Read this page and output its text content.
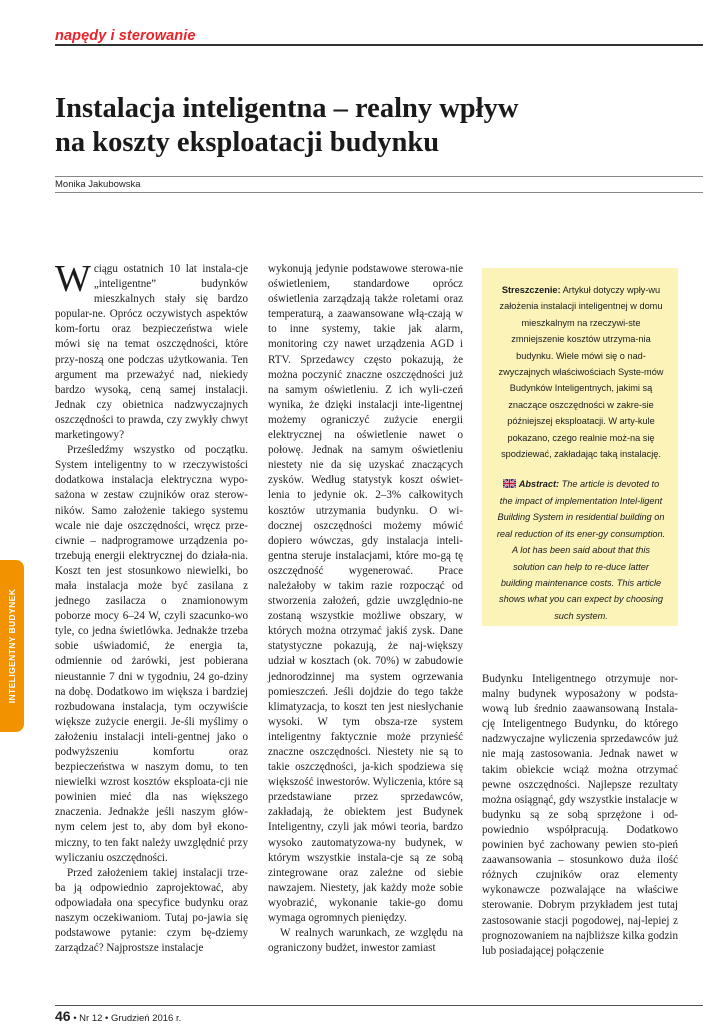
napędy i sterowanie
Instalacja inteligentna – realny wpływ
na koszty eksploatacji budynku
Monika Jakubowska

Wciągu ostatnich 10 lat instala-cje „inteligentne” budynków mieszkalnych stały się bardzo popular-ne. Oprócz oczywistych aspektów kom-fortu oraz bezpieczeństwa wiele mówi się na temat oszczędności, które przy-noszą one podczas użytkowania. Ten argument ma przeważyć nad, niekiedy bardzo wysoką, ceną samej instalacji. Jednak czy obietnica nadzwyczajnych oszczędności to prawda, czy zwykły chwyt marketingowy?

Prześledźmy wszystko od początku. System inteligentny to w rzeczywistości dodatkowa instalacja elektryczna wypo-sażona w zestaw czujników oraz sterow-ników. Samo założenie takiego systemu wcale nie daje oszczędności, wręcz prze-ciwnie – nadprogramowe urządzenia po-trzebują energii elektrycznej do działa-nia. Koszt ten jest stosunkowo niewielki, bo mała instalacja może być zasilana z jednego zasilacza o znamionowym poborze mocy 6–24 W, czyli szacunko-wo tyle, co jedna świetlówka. Jednakże trzeba sobie uświadomić, że energia ta, odmiennie od żarówki, jest pobierana nieustannie 7 dni w tygodniu, 24 go-dziny na dobę. Dodatkowo im większa i bardziej rozbudowana instalacja, tym oczywiście większe zużycie energii. Je-śli myślimy o założeniu instalacji inteli-gentnej jako o podwyższeniu komfortu oraz bezpieczeństwa w naszym domu, to ten niewielki wzrost kosztów eksploata-cji nie powinien mieć dla nas większego znaczenia. Jednakże jeśli naszym głów-nym celem jest to, aby dom był ekono-miczny, to ten fakt należy uwzględnić przy wyliczaniu oszczędności.

Przed założeniem takiej instalacji trze-ba ją odpowiednio zaprojektować, aby odpowiadała ona specyfice budynku oraz naszym oczekiwaniom. Tutaj po-jawia się podstawowe pytanie: czym bę-dziemy zarządzać? Najprostsze instalacje

wykonują jedynie podstawowe sterowa-nie oświetleniem, standardowe oprócz oświetlenia zarządzają także roletami oraz temperaturą, a zaawansowane włą-czają w to inne systemy, takie jak alarm, monitoring czy nawet urządzenia AGD i RTV. Sprzedawcy często pokazują, że można poczynić znaczne oszczędności już na samym oświetleniu. Z ich wyli-czeń wynika, że dzięki instalacji inte-ligentnej możemy ograniczyć zużycie energii elektrycznej na oświetlenie nawet o połowę. Jednak na samym oświetleniu niestety nie da się uzyskać znaczących zysków. Według statystyk koszt oświet-lenia to jedynie ok. 2–3% całkowitych kosztów utrzymania budynku. O wi-docznej oszczędności możemy mówić dopiero wówczas, gdy instalacja inteli-gentna steruje instalacjami, które mo-gą tę oszczędność wygenerować. Prace należałoby w takim razie rozpocząć od stworzenia założeń, gdzie uwzględnio-ne zostaną wszystkie możliwe obszary, w których można otrzymać jakiś zysk. Dane statystyczne pokazują, że naj-większy udział w kosztach (ok. 70%) w zabudowie jednorodzinnej ma system ogrzewania pomieszczeń. Jeśli dojdzie do tego także klimatyzacja, to koszt ten jest niesłychanie wysoki. W tym obsza-rze system inteligentny faktycznie może przynieść znaczne oszczędności. Niestety nie są to takie oszczędności, ja-kich spodziewa się większość inwestorów. Wyliczenia, które są przedstawiane przez sprzedawców, zakładają, że obiektem jest Budynek Inteligentny, czyli jak mówi teoria, bardzo wysoko zautomatyzowa-ny budynek, w którym wszystkie instala-cje są ze sobą zintegrowane oraz zależne od siebie nawzajem. Niestety, jak każdy może sobie wyobrazić, wykonanie takie-go domu wymaga ogromnych pieniędzy.

W realnych warunkach, ze względu na ograniczony budżet, inwestor zamiast

Streszczenie: Artykuł dotyczy wpły-wu założenia instalacji inteligentnej w domu mieszkalnym na rzeczywi-ste zmniejszenie kosztów utrzyma-nia budynku. Wiele mówi się o nad-zwyczajnych właściwościach Syste-mów Budynków Inteligentnych, jakimi są znaczące oszczędności w zakre-sie późniejszej eksploatacji. W arty-kule pokazano, czego realnie moż-na się spodziewać, zakładając taką instalację.

Abstract: The article is devoted to the impact of implementation Intel-ligent Building System in residential building on real reduction of its ener-gy consumption. A lot has been said about that this solution can help to re-duce latter building maintenance costs. This article shows what you can expect by choosing such system.

Budynku Inteligentnego otrzymuje nor-malny budynek wyposażony w podsta-wową lub średnio zaawansowaną Instala-cję Inteligentnego Budynku, do którego nadzwyczajne wyliczenia sprzedawców już nie mają zastosowania. Jednak nawet w takim obiekcie wciąż można otrzymać pewne oszczędności. Najlepsze rezultaty można osiągnąć, gdy wszystkie instalacje w budynku są ze sobą sprzężone i od-powiednio współpracują. Dodatkowo powinien być zachowany pewien sto-pień zaawansowania – stosunkowo duża ilość różnych czujników oraz elementy wykonawcze pozwalające na właściwe sterowanie. Dobrym przykładem jest tutaj zastosowanie stacji pogodowej, naj-lepiej z prognozowaniem na najbliższe kilka godzin lub posiadającej połączenie

INTELIGENTNY BUDYNEK
46 • Nr 12 • Grudzień 2016 r.
